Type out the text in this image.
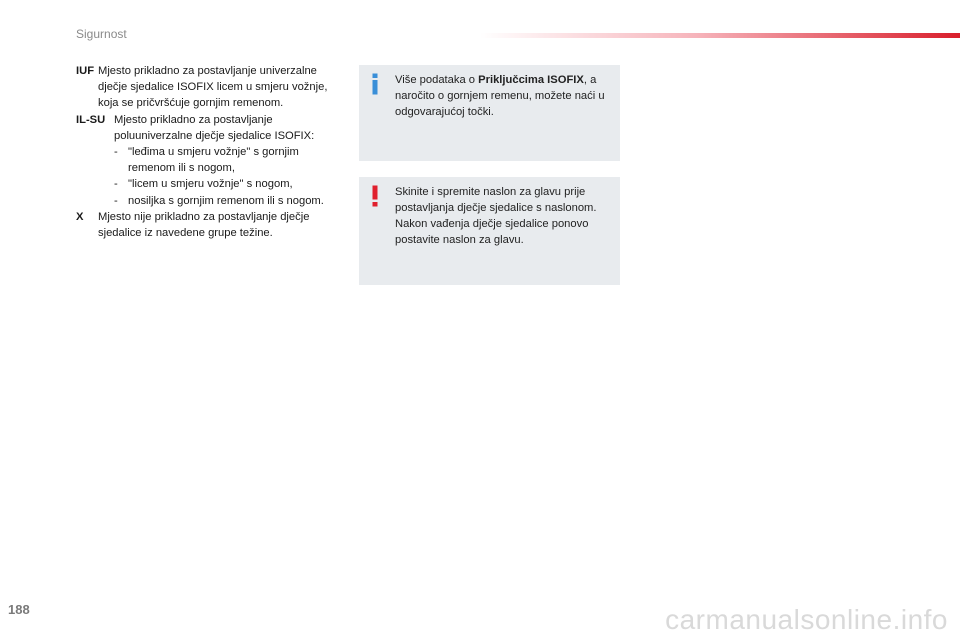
Sigurnost
IUF Mjesto prikladno za postavljanje univerzalne dječje sjedalice ISOFIX licem u smjeru vožnje, koja se pričvršćuje gornjim remenom.
IL-SU Mjesto prikladno za postavljanje poluuniverzalne dječje sjedalice ISOFIX:
- "leđima u smjeru vožnje" s gornjim remenom ili s nogom,
- "licem u smjeru vožnje" s nogom,
- nosiljka s gornjim remenom ili s nogom.
X Mjesto nije prikladno za postavljanje dječje sjedalice iz navedene grupe težine.
Više podataka o Priključcima ISOFIX, a naročito o gornjem remenu, možete naći u odgovarajućoj točki.
Skinite i spremite naslon za glavu prije postavljanja dječje sjedalice s naslonom.
Nakon vađenja dječje sjedalice ponovo postavite naslon za glavu.
188	carmanualsonline.info
